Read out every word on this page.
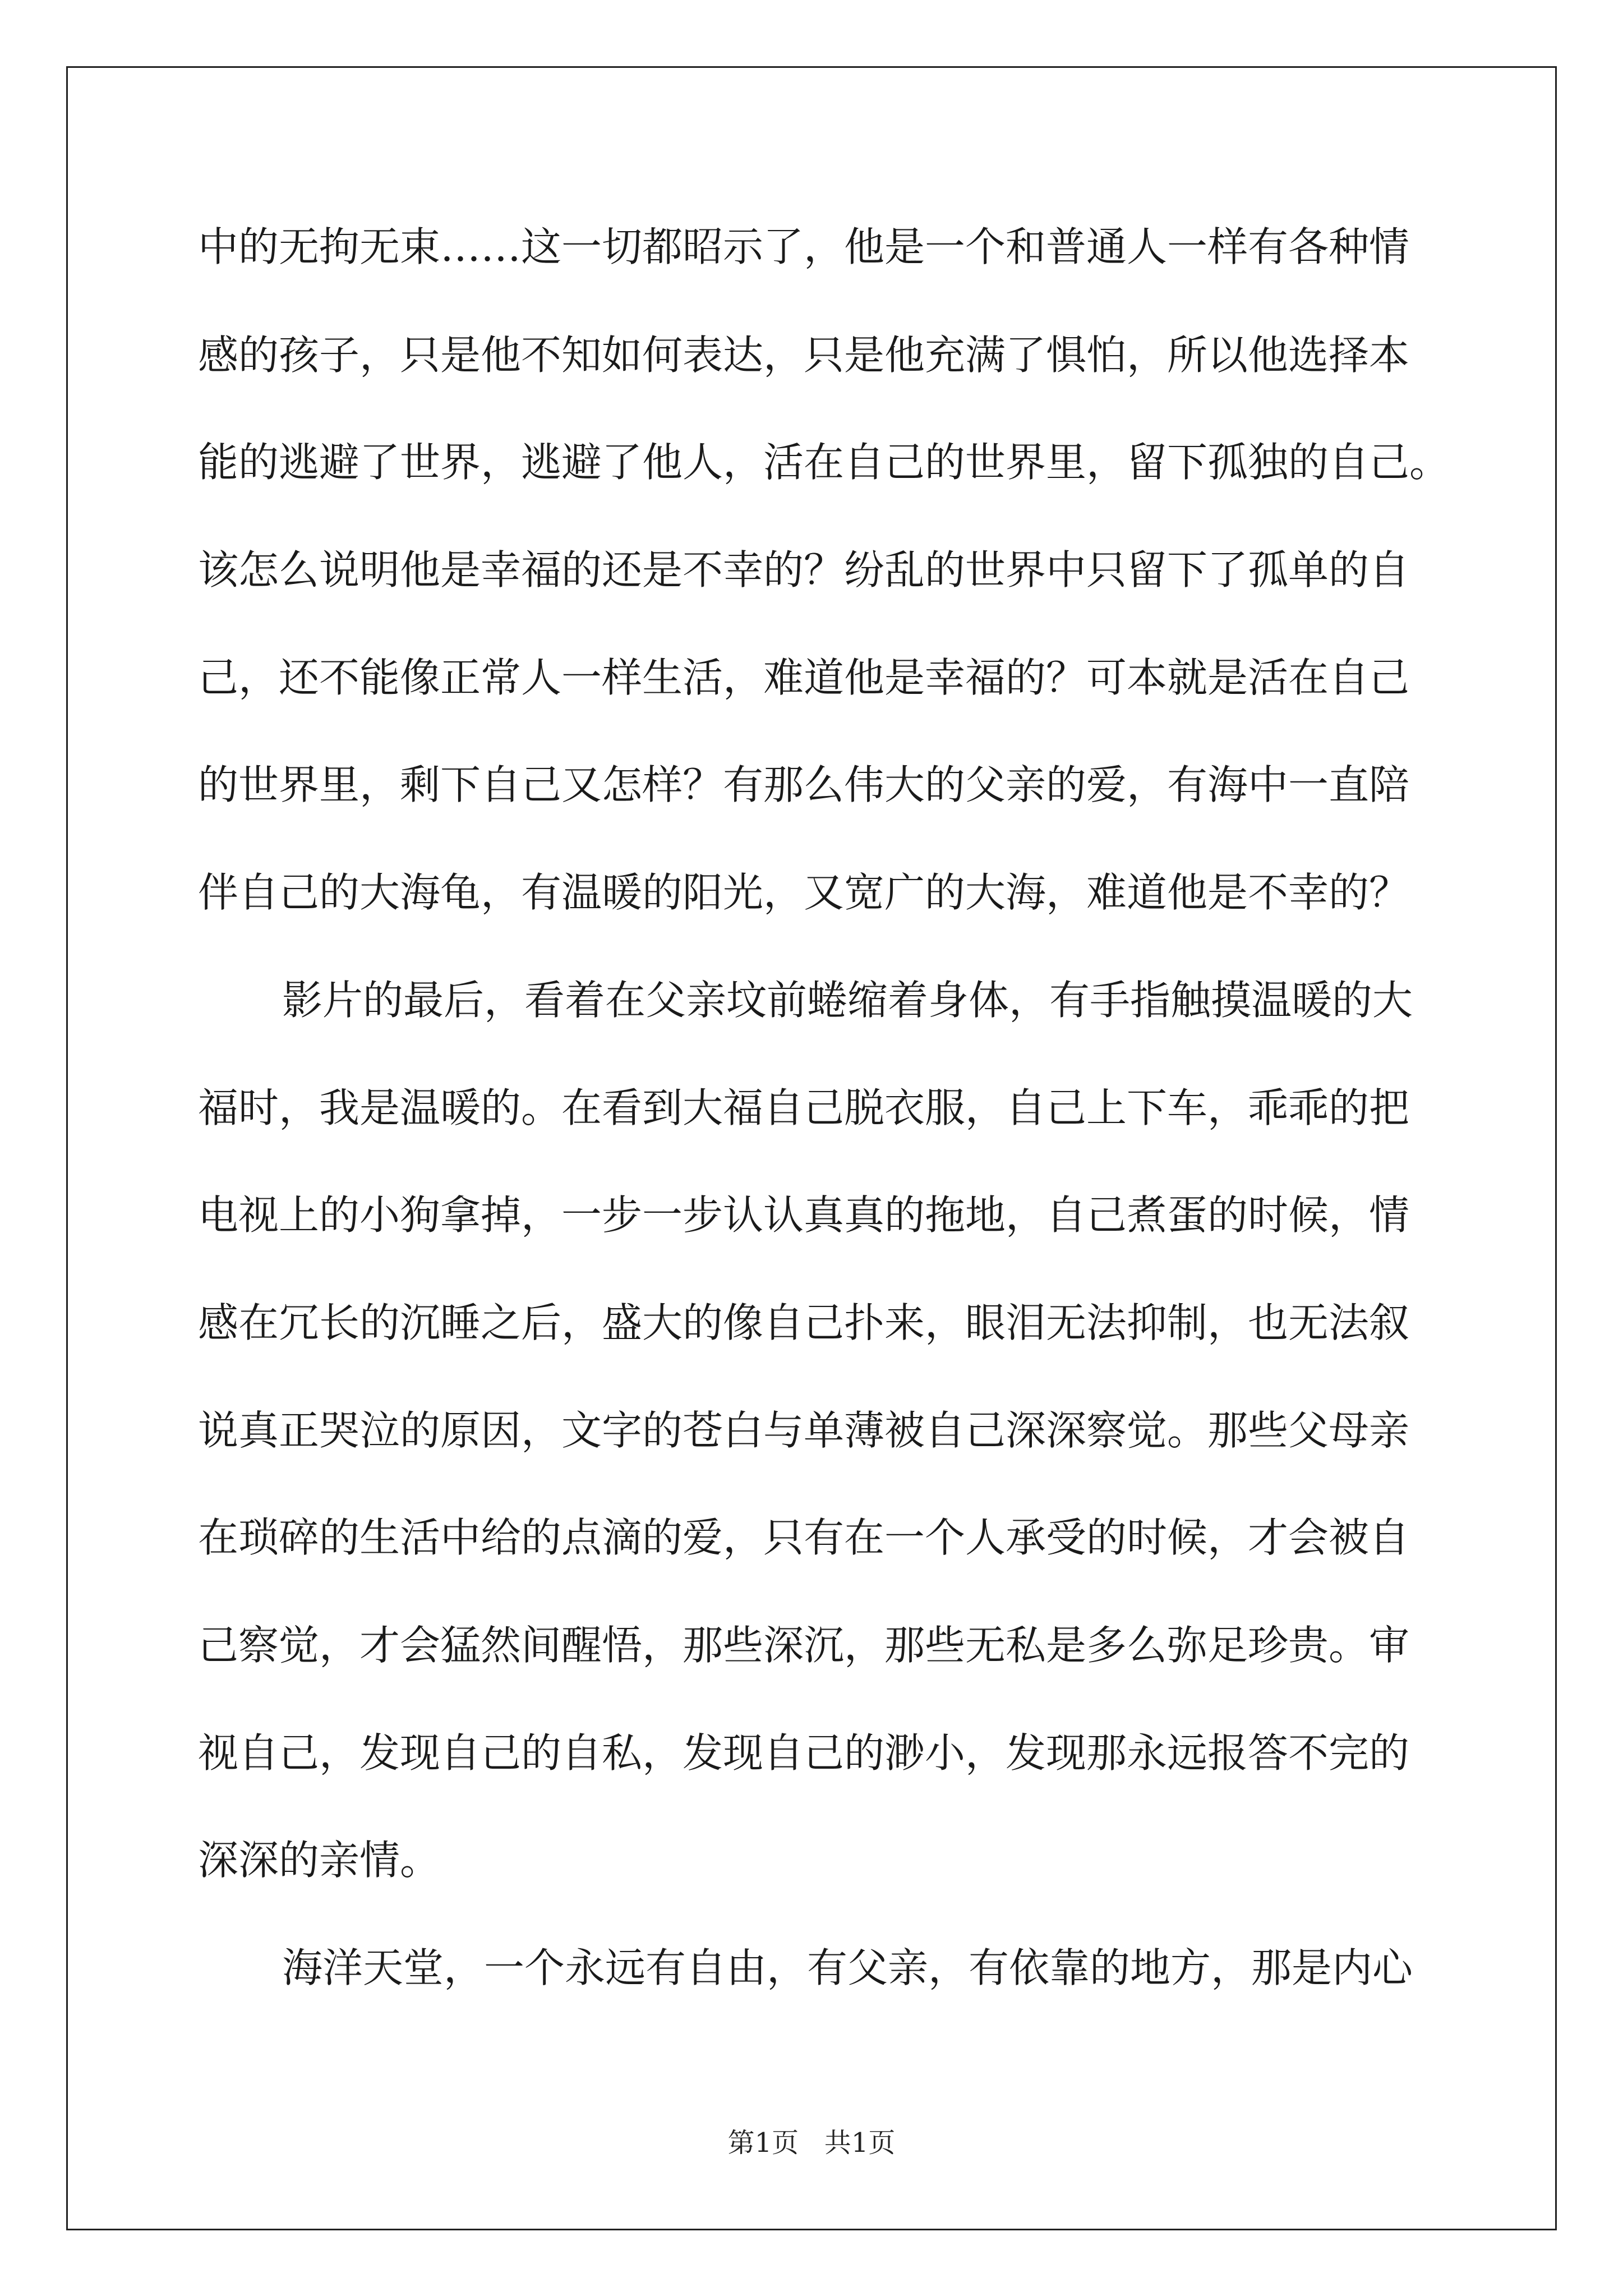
中的无拘无束……这一切都昭示了，他是一个和普通人一样有各种情

感的孩子，只是他不知如何表达，只是他充满了惧怕，所以他选择本

能的逃避了世界，逃避了他人，活在自己的世界里，留下孤独的自己。

该怎么说明他是幸福的还是不幸的？纷乱的世界中只留下了孤单的自

己，还不能像正常人一样生活，难道他是幸福的？可本就是活在自己

的世界里，剩下自己又怎样？有那么伟大的父亲的爱，有海中一直陪

伴自己的大海龟，有温暖的阳光，又宽广的大海，难道他是不幸的？

影片的最后，看着在父亲坟前蜷缩着身体，有手指触摸温暖的大

福时，我是温暖的。在看到大福自己脱衣服，自己上下车，乖乖的把

电视上的小狗拿掉，一步一步认认真真的拖地，自己煮蛋的时候，情

感在冗长的沉睡之后，盛大的像自己扑来，眼泪无法抑制，也无法叙

说真正哭泣的原因，文字的苍白与单薄被自己深深察觉。那些父母亲

在琐碎的生活中给的点滴的爱，只有在一个人承受的时候，才会被自

己察觉，才会猛然间醒悟，那些深沉，那些无私是多么弥足珍贵。审

视自己，发现自己的自私，发现自己的渺小，发现那永远报答不完的

深深的亲情。

海洋天堂，一个永远有自由，有父亲，有依靠的地方，那是内心

第1页   共1页
